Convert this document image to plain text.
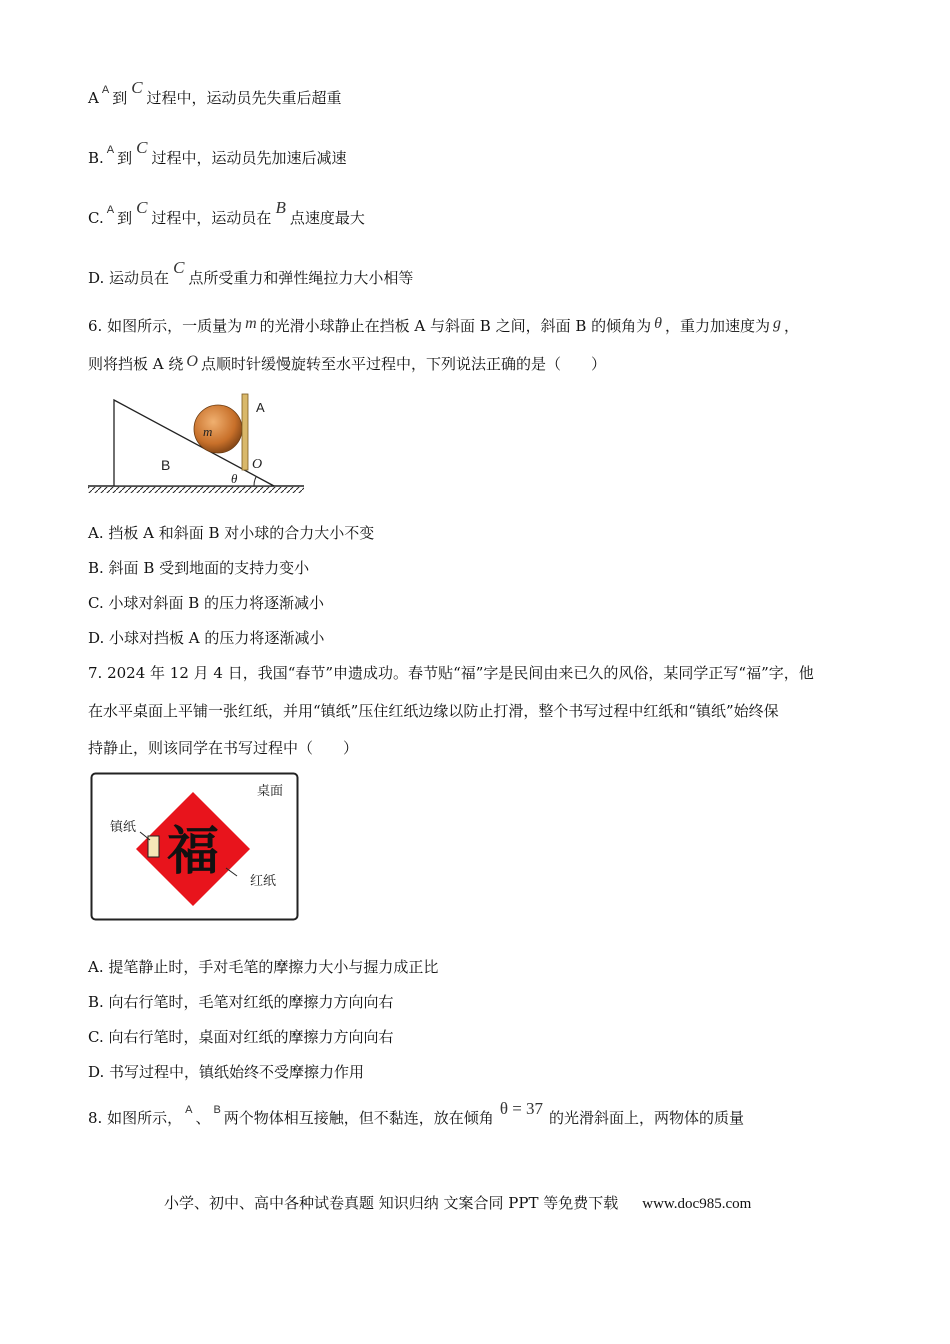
A $^A$ 到C过程中，运动员先失重后超重
B. $^A$ 到C过程中，运动员先加速后减速
C. $^A$ 到C过程中，运动员在B点速度最大
D. 运动员在C点所受重力和弹性绳拉力大小相等
6. 如图所示，一质量为 m 的光滑小球静止在挡板 A 与斜面 B 之间，斜面 B 的倾角为 θ ，重力加速度为 g ，
则将挡板 A 绕 O 点顺时针缓慢旋转至水平过程中，下列说法正确的是（　　）
m
A
O
B
θ
A. 挡板 A 和斜面 B 对小球的合力大小不变
B. 斜面 B 受到地面的支持力变小
C. 小球对斜面 B 的压力将逐渐减小
D. 小球对挡板 A 的压力将逐渐减小
7. 2024 年 12 月 4 日，我国“春节”申遗成功。春节贴“福”字是民间由来已久的风俗，某同学正写“福”字，他
在水平桌面上平铺一张红纸，并用“镇纸”压住红纸边缘以防止打滑，整个书写过程中红纸和“镇纸”始终保
持静止，则该同学在书写过程中（　　）
桌面
福
镇纸
红纸
A. 提笔静止时，手对毛笔的摩擦力大小与握力成正比
B. 向右行笔时，毛笔对红纸的摩擦力方向向右
C. 向右行笔时，桌面对红纸的摩擦力方向向右
D. 书写过程中，镇纸始终不受摩擦力作用
8. 如图所示， $^A$ 、 $^B$ 两个物体相互接触，但不黏连，放在倾角 θ = 37 的光滑斜面上，两物体的质量
小学、初中、高中各种试卷真题 知识归纳 文案合同 PPT 等免费下载 www.doc985.com
